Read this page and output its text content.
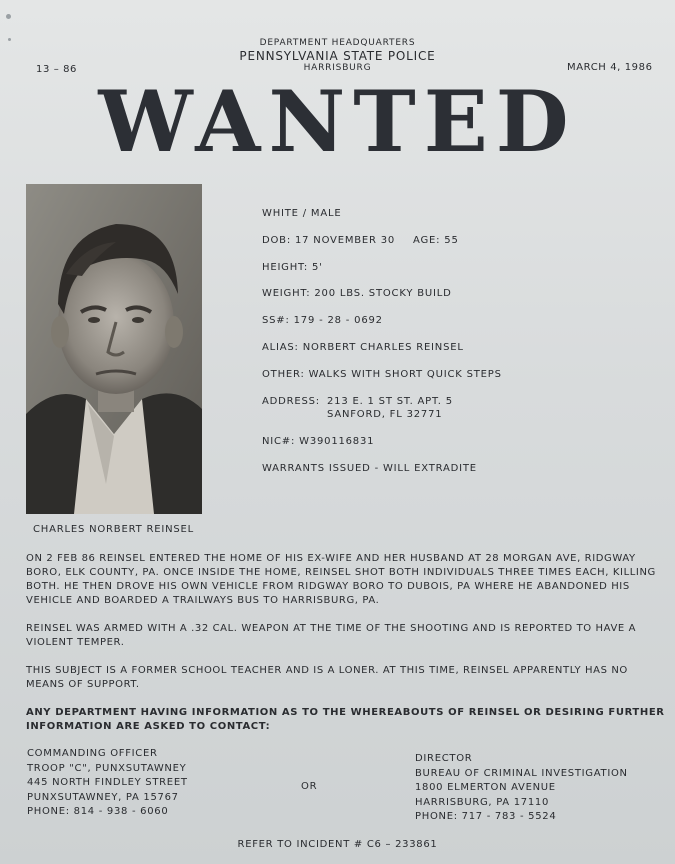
13 – 86
DEPARTMENT HEADQUARTERS
PENNSYLVANIA STATE POLICE
HARRISBURG	MARCH 4, 1986
WANTED
CHARLES NORBERT REINSEL
WHITE / MALE
DOB: 17 NOVEMBER 30 AGE: 55
HEIGHT: 5'
WEIGHT: 200 LBS. STOCKY BUILD
SS#: 179 - 28 - 0692
ALIAS: NORBERT CHARLES REINSEL
OTHER: WALKS WITH SHORT QUICK STEPS
ADDRESS: 213 E. 1 ST ST. APT. 5
SANFORD, FL 32771
NIC#: W390116831
WARRANTS ISSUED - WILL EXTRADITE

ON 2 FEB 86 REINSEL ENTERED THE HOME OF HIS EX-WIFE AND HER HUSBAND AT 28 MORGAN AVE, RIDGWAY BORO, ELK COUNTY, PA. ONCE INSIDE THE HOME, REINSEL SHOT BOTH INDIVIDUALS THREE TIMES EACH, KILLING BOTH. HE THEN DROVE HIS OWN VEHICLE FROM RIDGWAY BORO TO DUBOIS, PA WHERE HE ABANDONED HIS VEHICLE AND BOARDED A TRAILWAYS BUS TO HARRISBURG, PA.

REINSEL WAS ARMED WITH A .32 CAL. WEAPON AT THE TIME OF THE SHOOTING AND IS REPORTED TO HAVE A VIOLENT TEMPER.

THIS SUBJECT IS A FORMER SCHOOL TEACHER AND IS A LONER. AT THIS TIME, REINSEL APPARENTLY HAS NO MEANS OF SUPPORT.

ANY DEPARTMENT HAVING INFORMATION AS TO THE WHEREABOUTS OF REINSEL OR DESIRING FURTHER INFORMATION ARE ASKED TO CONTACT:

COMMANDING OFFICER
TROOP "C", PUNXSUTAWNEY
445 NORTH FINDLEY STREET
PUNXSUTAWNEY, PA 15767
PHONE: 814 - 938 - 6060
OR
DIRECTOR
BUREAU OF CRIMINAL INVESTIGATION
1800 ELMERTON AVENUE
HARRISBURG, PA 17110
PHONE: 717 - 783 - 5524
REFER TO INCIDENT # C6 – 233861
